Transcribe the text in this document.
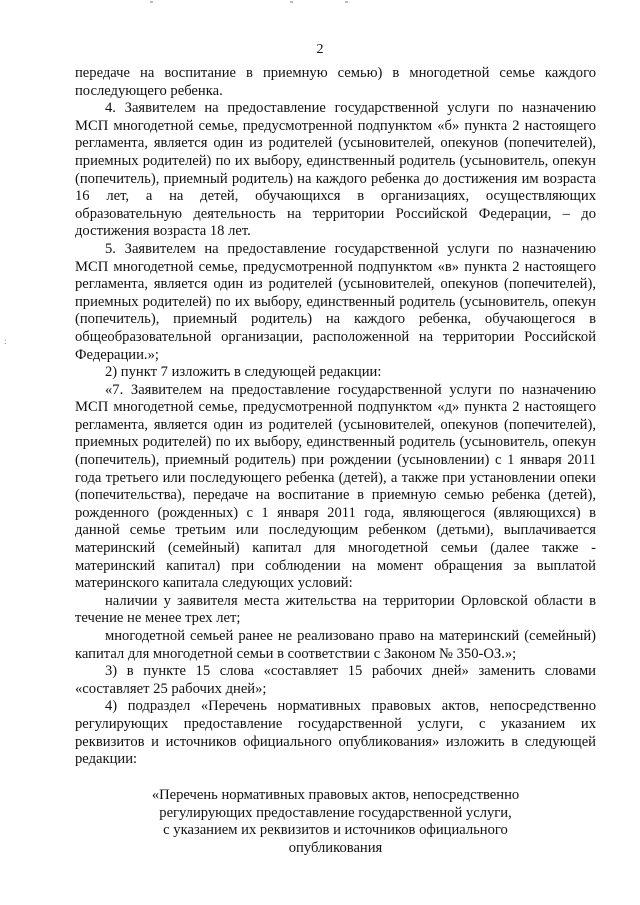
2
:

передаче на воспитание в приемную семью) в многодетной семье каждого последующего ребенка.

4. Заявителем на предоставление государственной услуги по назначению МСП многодетной семье, предусмотренной подпунктом «б» пункта 2 настоящего регламента, является один из родителей (усыновителей, опекунов (попечителей), приемных родителей) по их выбору, единственный родитель (усыновитель, опекун (попечитель), приемный родитель) на каждого ребенка до достижения им возраста 16 лет, а на детей, обучающихся в организациях, осуществляющих образовательную деятельность на территории Российской Федерации, – до достижения возраста 18 лет.

5. Заявителем на предоставление государственной услуги по назначению МСП многодетной семье, предусмотренной подпунктом «в» пункта 2 настоящего регламента, является один из родителей (усыновителей, опекунов (попечителей), приемных родителей) по их выбору, единственный родитель (усыновитель, опекун (попечитель), приемный родитель) на каждого ребенка, обучающегося в общеобразовательной организации, расположенной на территории Российской Федерации.»;

2) пункт 7 изложить в следующей редакции:

«7. Заявителем на предоставление государственной услуги по назначению МСП многодетной семье, предусмотренной подпунктом «д» пункта 2 настоящего регламента, является один из родителей (усыновителей, опекунов (попечителей), приемных родителей) по их выбору, единственный родитель (усыновитель, опекун (попечитель), приемный родитель) при рождении (усыновлении) с 1 января 2011 года третьего или последующего ребенка (детей), а также при установлении опеки (попечительства), передаче на воспитание в приемную семью ребенка (детей), рожденного (рожденных) с 1 января 2011 года, являющегося (являющихся) в данной семье третьим или последующим ребенком (детьми), выплачивается материнский (семейный) капитал для многодетной семьи (далее также - материнский капитал) при соблюдении на момент обращения за выплатой материнского капитала следующих условий:

наличии у заявителя места жительства на территории Орловской области в течение не менее трех лет;

многодетной семьей ранее не реализовано право на материнский (семейный) капитал для многодетной семьи в соответствии с Законом № 350-ОЗ.»;

3) в пункте 15 слова «составляет 15 рабочих дней» заменить словами «составляет 25 рабочих дней»;

4) подраздел «Перечень нормативных правовых актов, непосредственно регулирующих предоставление государственной услуги, с указанием их реквизитов и источников официального опубликования» изложить в следующей редакции:

«Перечень нормативных правовых актов, непосредственно
регулирующих предоставление государственной услуги,
с указанием их реквизитов и источников официального
опубликования
